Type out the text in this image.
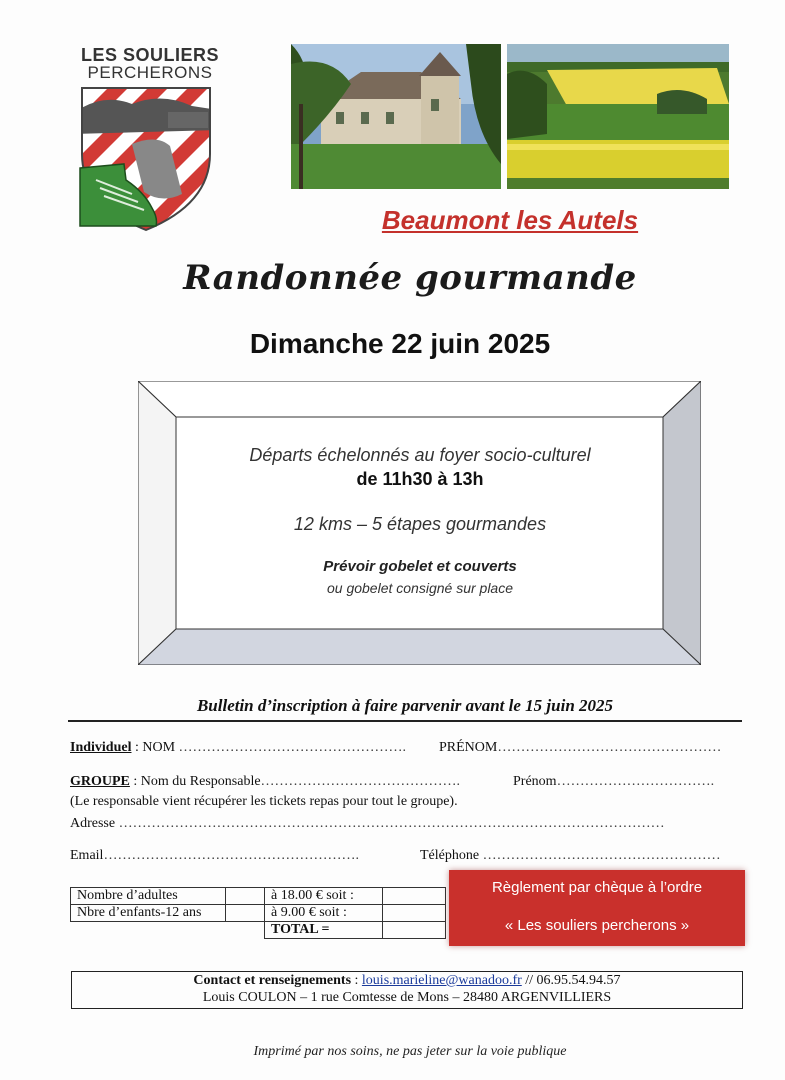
LES SOULIERS
PERCHERONS
Beaumont les Autels
Randonnée gourmande
Dimanche 22 juin 2025
Départs échelonnés au foyer socio-culturel
de 11h30 à 13h
12 kms – 5 étapes gourmandes
Prévoir gobelet et couverts
ou gobelet consigné sur place
Bulletin d’inscription à faire parvenir avant le 15 juin 2025
Individuel : NOM …………………………………………. PRÉNOM…………………………………………
GROUPE : Nom du Responsable…………………………………….	Prénom…………………………….
(Le responsable vient récupérer les tickets repas pour tout le groupe).
Adresse ………………………………………………………………………………………………………
Email……………………………………………….	Téléphone ……………………………………………
Nombre d’adultes		à 18.00 € soit :	
Nbre d’enfants-12 ans		à 9.00 € soit :	
		TOTAL =	
Règlement par chèque à l’ordre
« Les souliers percherons »
Contact et renseignements : louis.marieline@wanadoo.fr // 06.95.54.94.57
Louis COULON – 1 rue Comtesse de Mons – 28480 ARGENVILLIERS
Imprimé par nos soins, ne pas jeter sur la voie publique
